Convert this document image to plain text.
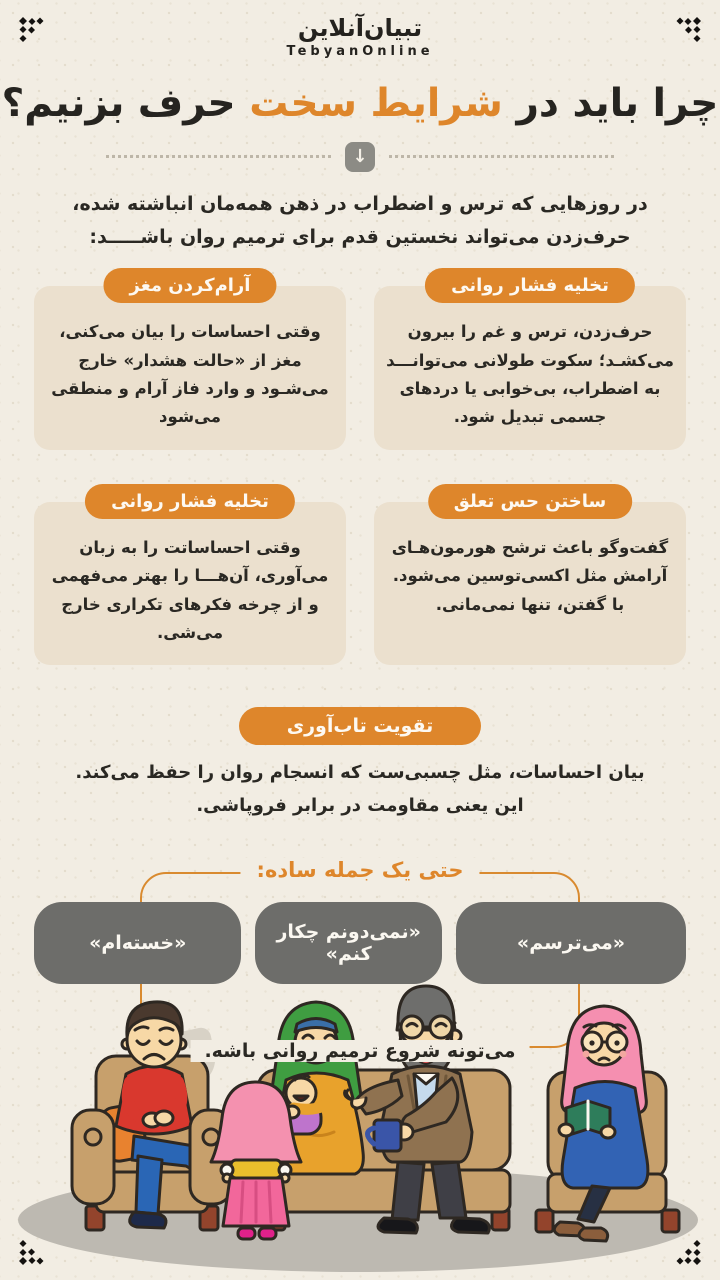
تبیان‌آنلاین
TebyanOnline
چرا باید در شرایط سخت حرف بزنیم؟
↓
در روزهایی که ترس و اضطراب در ذهن همه‌مان انباشته شده،
حرف‌زدن می‌تواند نخستین قدم برای ترمیم روان باشـــــد:
تخلیه فشار روانی
حرف‌زدن، ترس و غم را بیرون می‌کشـد؛ سکوت طولانی می‌توانـــد به اضطراب، بی‌خوابی یا دردهای جسمی تبدیل شود.
آرام‌کردن مغز
وقتی احساسات را بیان می‌کنی، مغز از «حالت هشدار» خارج می‌شـود و وارد فاز آرام و منطقی می‌شود
ساختن حس تعلق
گفت‌وگو باعث ترشح هورمون‌هـای آرامش مثل اکسی‌توسین می‌شود. با گفتن، تنها نمی‌مانی.
تخلیه فشار روانی
وقتی احساساتت را به زبان می‌آوری، آن‌هـــا را بهتر می‌فهمی و از چرخه فکرهای تکراری خارج می‌شی.
تقویت تاب‌آوری
بیان احساسات، مثل چسبی‌ست که انسجام روان را حفظ می‌کند.
این یعنی مقاومت در برابر فروپاشی.
حتی یک جمله ساده:
«می‌ترسم»
«نمی‌دونم چکار کنم»
«خسته‌ام»
می‌تونه شروع ترمیم روانی باشه.
